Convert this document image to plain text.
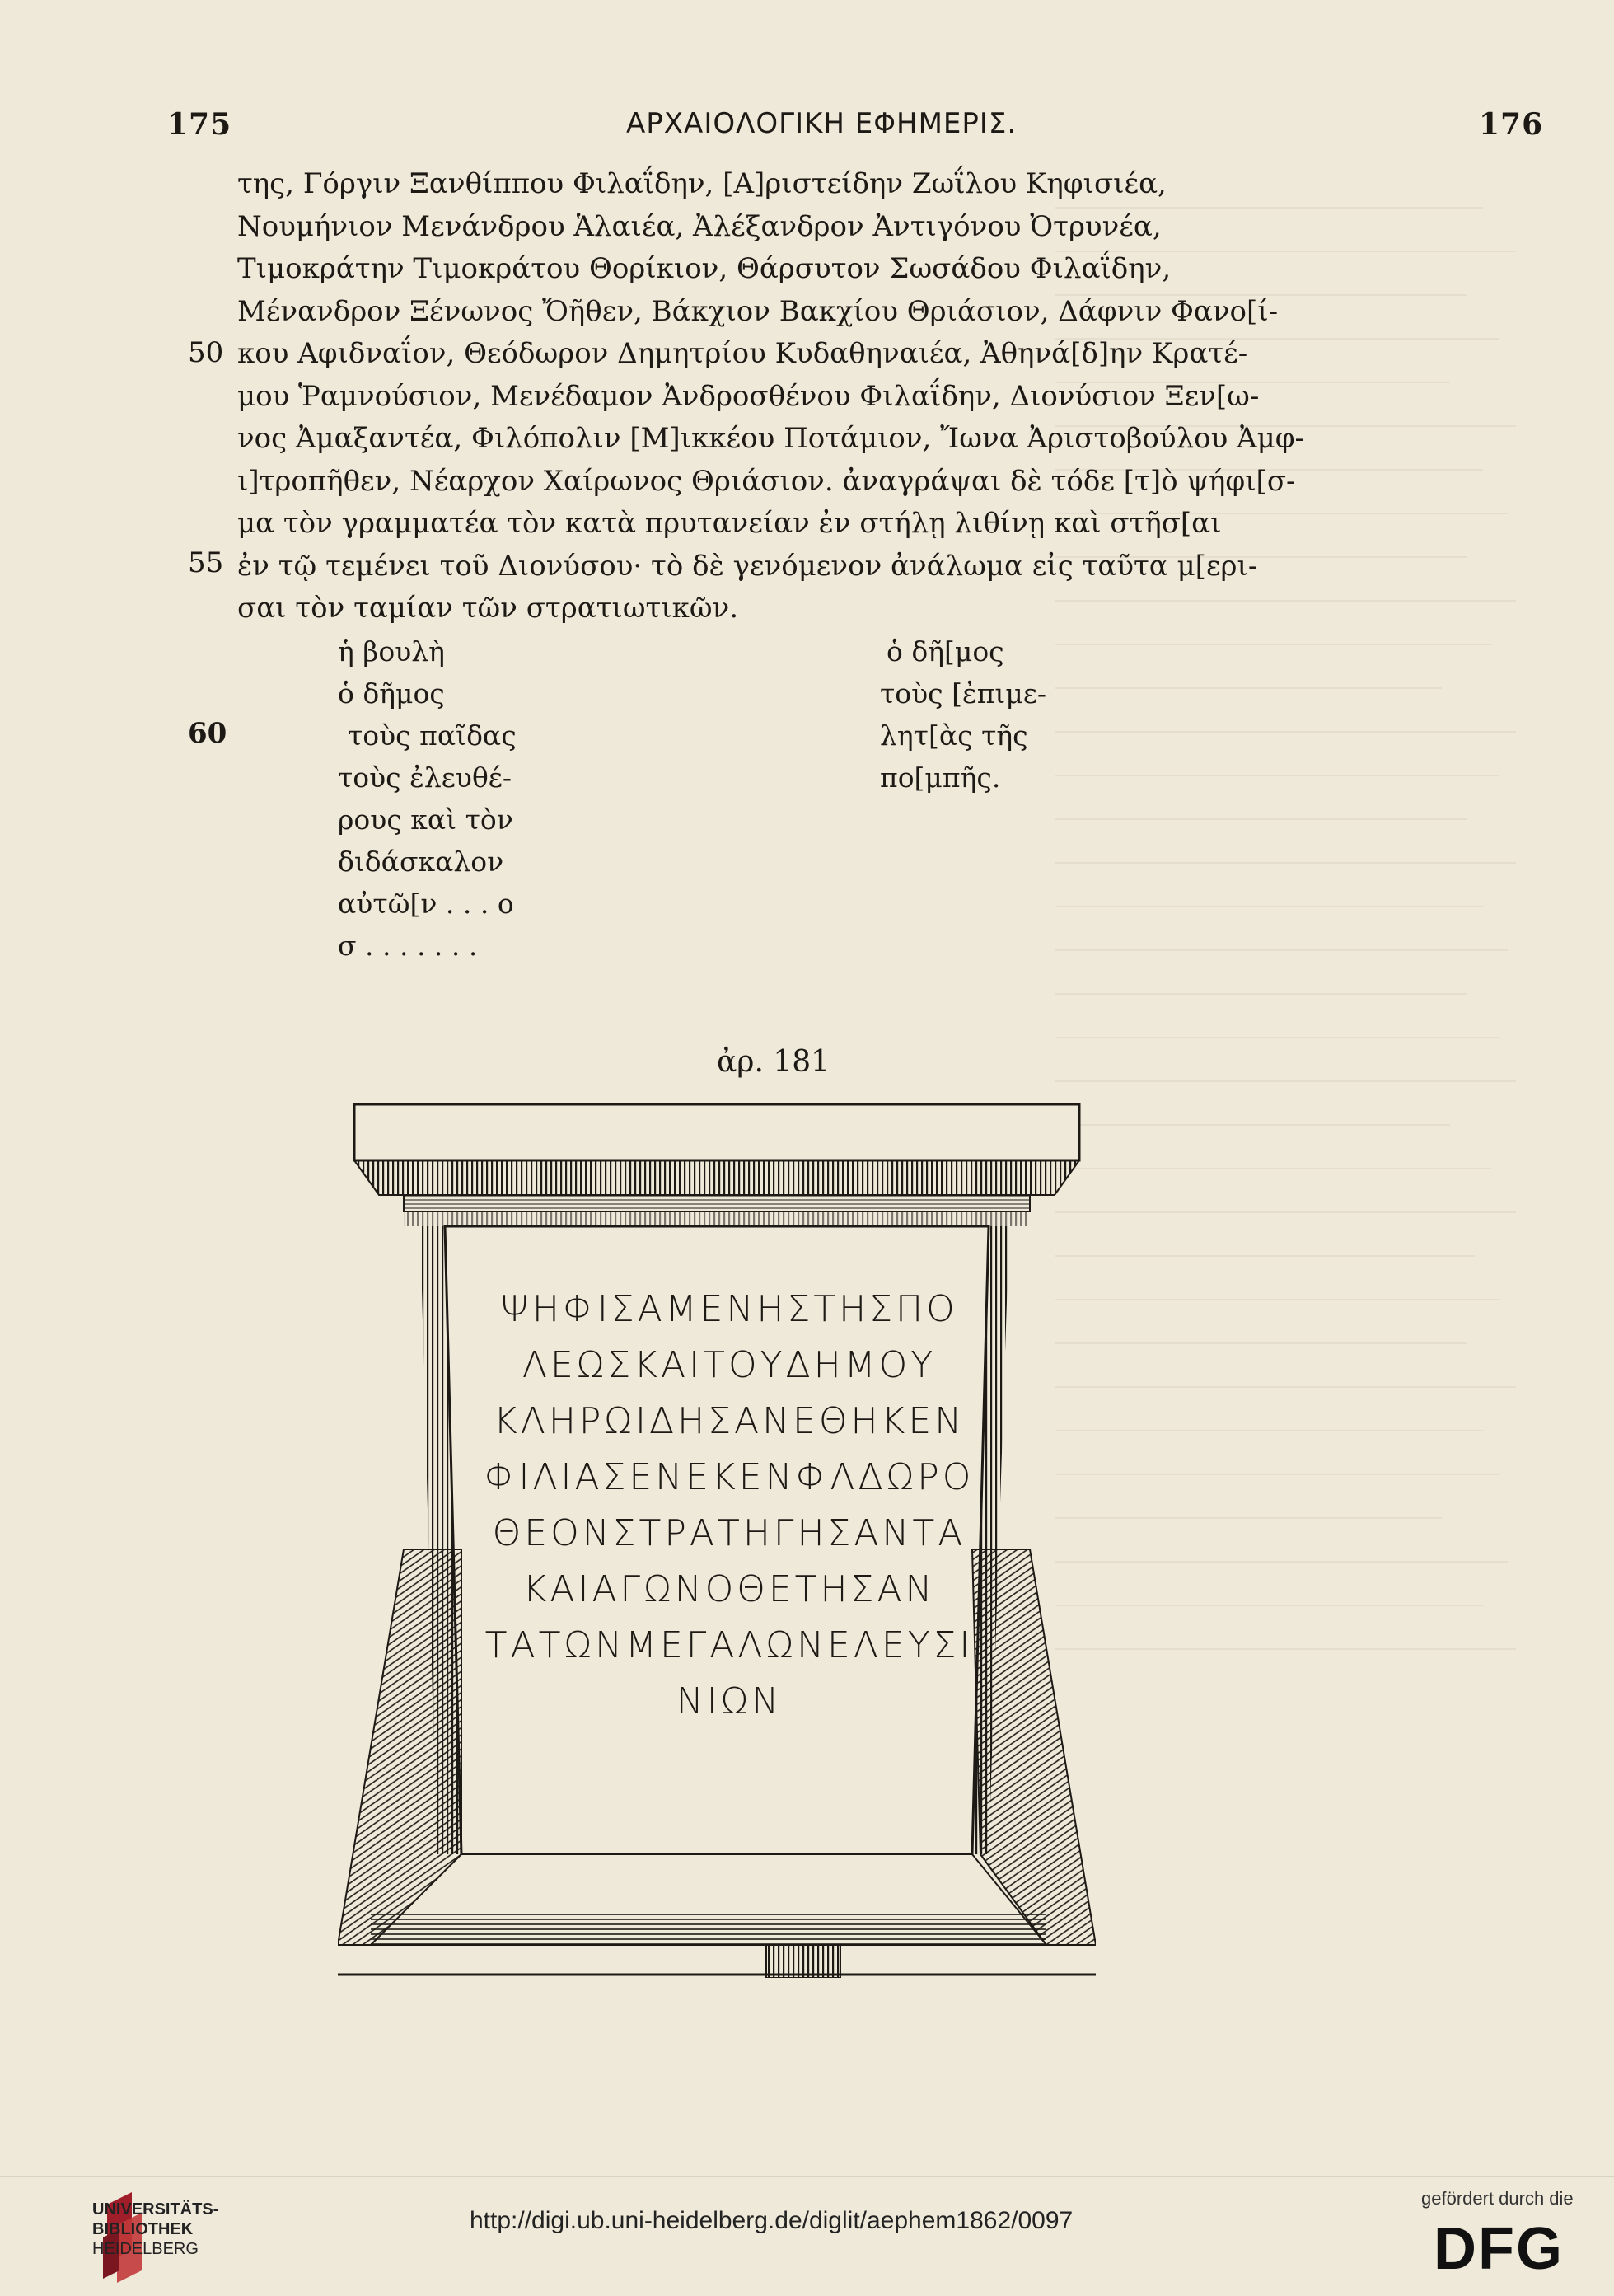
175	ΑΡΧΑΙΟΛΟΓΙΚΗ ΕΦΗΜΕΡΙΣ.	176
50
55
60
της, Γόργιν Ξανθίππου Φιλαΐδην, [Α]ριστείδην Ζωΐλου Κηφισιέα,
Νουμήνιον Μενάνδρου Ἁλαιέα, Ἀλέξανδρον Ἀντιγόνου Ὀτρυνέα,
Τιμοκράτην Τιμοκράτου Θορίκιον, Θάρσυτον Σωσάδου Φιλαΐδην,
Μένανδρον Ξένωνος Ὄῆθεν, Βάκχιον Βακχίου Θριάσιον, Δάφνιν Φανο[ί-
κου Αφιδναΐον, Θεόδωρον Δημητρίου Κυδαθηναιέα, Ἀθηνά[δ]ην Κρατέ-
μου Ῥαμνούσιον, Μενέδαμον Ἀνδροσθένου Φιλαΐδην, Διονύσιον Ξεν[ω-
νος Ἀμαξαντέα, Φιλόπολιν [Μ]ικκέου Ποτάμιον, Ἴωνα Ἀριστοβούλου Ἀμφ-
ι]τροπῆθεν, Νέαρχον Χαίρωνος Θριάσιον. ἀναγράψαι δὲ τόδε [τ]ὸ ψήφι[σ-
μα τὸν γραμματέα τὸν κατὰ πρυτανείαν ἐν στήλῃ λιθίνῃ καὶ στῆσ[αι
ἐν τῷ τεμένει τοῦ Διονύσου· τὸ δὲ γενόμενον ἀνάλωμα εἰς ταῦτα μ[ερι-
σαι τὸν ταμίαν τῶν στρατιωτικῶν.
ἡ βουλὴ
ὁ δῆμος
τοὺς παῖδας
τοὺς ἐλευθέ-
ρους καὶ τὸν
διδάσκαλον
αὐτῶ[ν . . . ο
σ . . . . . . .
ὁ δῆ[μος
τοὺς [ἐπιμε-
λητ[ὰς τῆς
πο[μπῆς.
ἀρ. 181
ΨΗΦΙΣΑΜΕΝΗΣΤΗΣΠΟ
ΛΕΩΣΚΑΙΤΟΥΔΗΜΟΥ
ΚΛΗΡΩΙΔΗΣΑΝΕΘΗΚΕΝ
ΦΙΛΙΑΣΕΝΕΚΕΝΦΛΔΩΡΟ
ΘΕΟΝΣΤΡΑΤΗΓΗΣΑΝΤΑ
ΚΑΙΑΓΩΝΟΘΕΤΗΣΑΝ
ΤΑΤΩΝΜΕΓΑΛΩΝΕΛΕΥΣΙ
ΝΙΩΝ
UNIVERSITÄTS-
BIBLIOTHEK
HEIDELBERG
http://digi.ub.uni-heidelberg.de/diglit/aephem1862/0097
gefördert durch die
DFG
